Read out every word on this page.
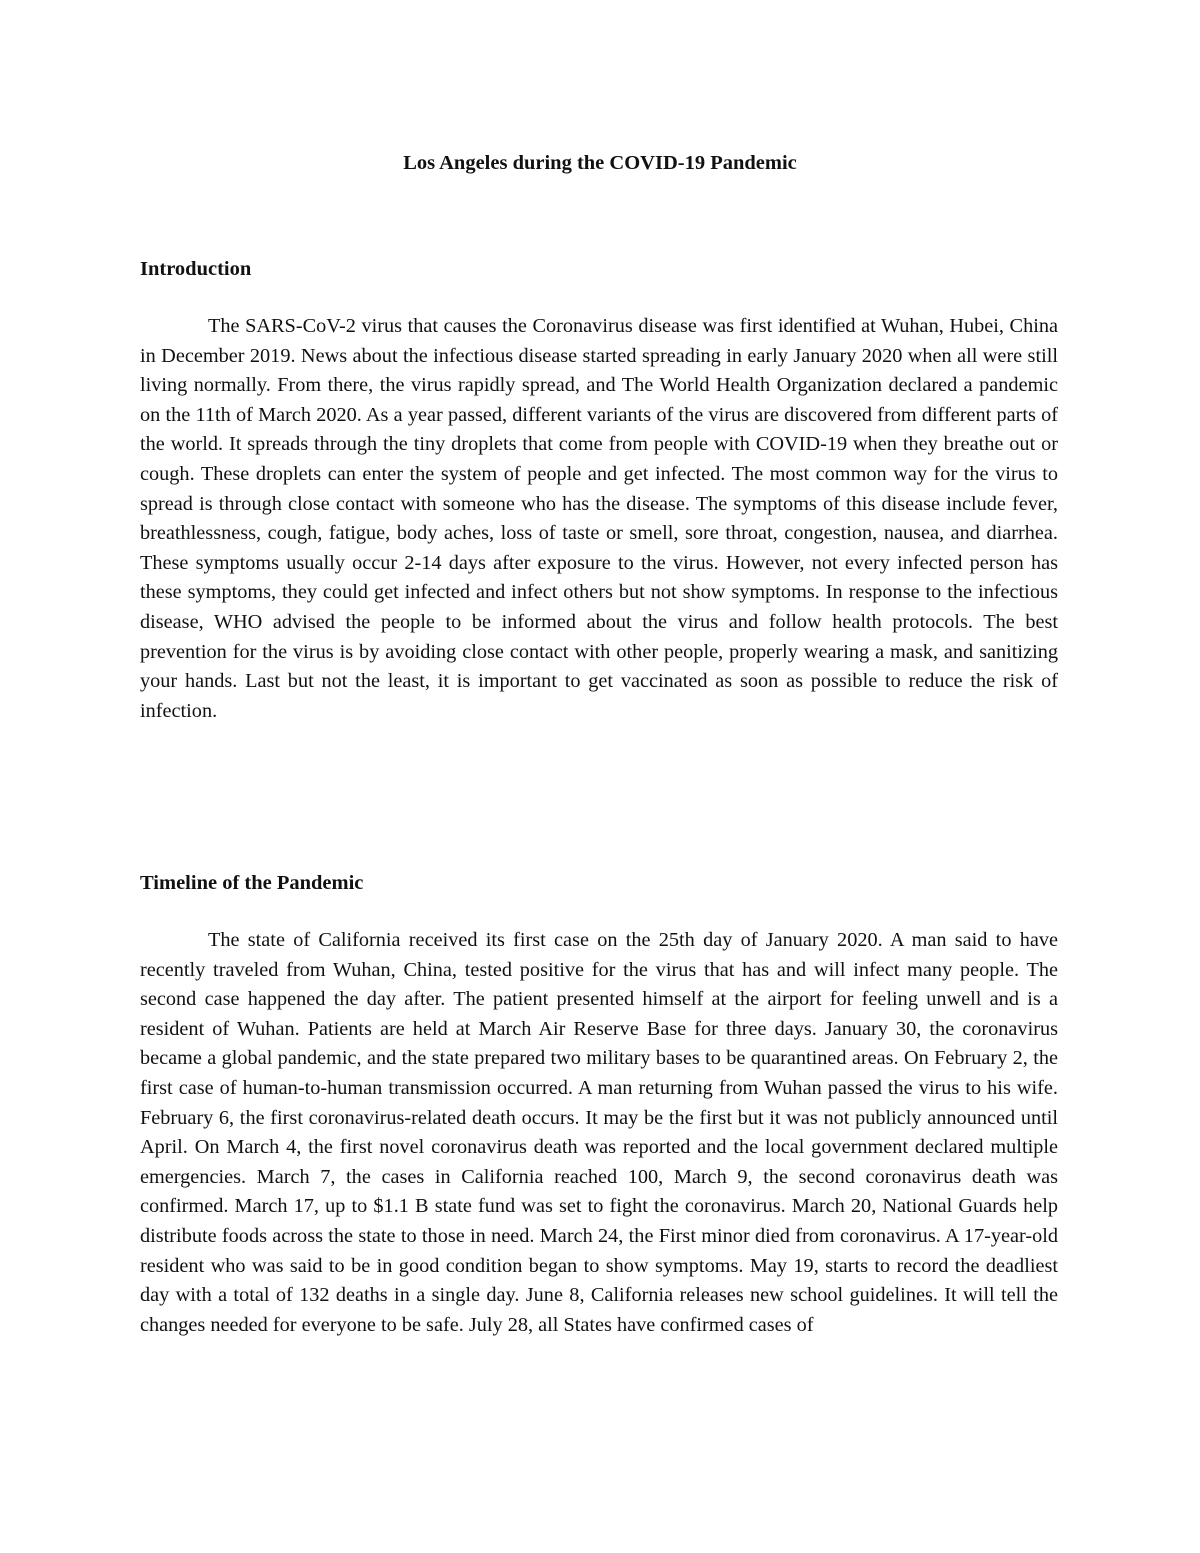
Los Angeles during the COVID-19 Pandemic
Introduction

The SARS-CoV-2 virus that causes the Coronavirus disease was first identified at Wuhan, Hubei, China in December 2019. News about the infectious disease started spreading in early January 2020 when all were still living normally. From there, the virus rapidly spread, and The World Health Organization declared a pandemic on the 11th of March 2020. As a year passed, different variants of the virus are discovered from different parts of the world. It spreads through the tiny droplets that come from people with COVID-19 when they breathe out or cough. These droplets can enter the system of people and get infected. The most common way for the virus to spread is through close contact with someone who has the disease. The symptoms of this disease include fever, breathlessness, cough, fatigue, body aches, loss of taste or smell, sore throat, congestion, nausea, and diarrhea. These symptoms usually occur 2-14 days after exposure to the virus. However, not every infected person has these symptoms, they could get infected and infect others but not show symptoms. In response to the infectious disease, WHO advised the people to be informed about the virus and follow health protocols. The best prevention for the virus is by avoiding close contact with other people, properly wearing a mask, and sanitizing your hands. Last but not the least, it is important to get vaccinated as soon as possible to reduce the risk of infection.

Timeline of the Pandemic

The state of California received its first case on the 25th day of January 2020. A man said to have recently traveled from Wuhan, China, tested positive for the virus that has and will infect many people. The second case happened the day after. The patient presented himself at the airport for feeling unwell and is a resident of Wuhan. Patients are held at March Air Reserve Base for three days. January 30, the coronavirus became a global pandemic, and the state prepared two military bases to be quarantined areas. On February 2, the first case of human-to-human transmission occurred. A man returning from Wuhan passed the virus to his wife. February 6, the first coronavirus-related death occurs. It may be the first but it was not publicly announced until April. On March 4, the first novel coronavirus death was reported and the local government declared multiple emergencies. March 7, the cases in California reached 100, March 9, the second coronavirus death was confirmed. March 17, up to $1.1 B state fund was set to fight the coronavirus. March 20, National Guards help distribute foods across the state to those in need. March 24, the First minor died from coronavirus. A 17-year-old resident who was said to be in good condition began to show symptoms. May 19, starts to record the deadliest day with a total of 132 deaths in a single day. June 8, California releases new school guidelines. It will tell the changes needed for everyone to be safe. July 28, all States have confirmed cases of
